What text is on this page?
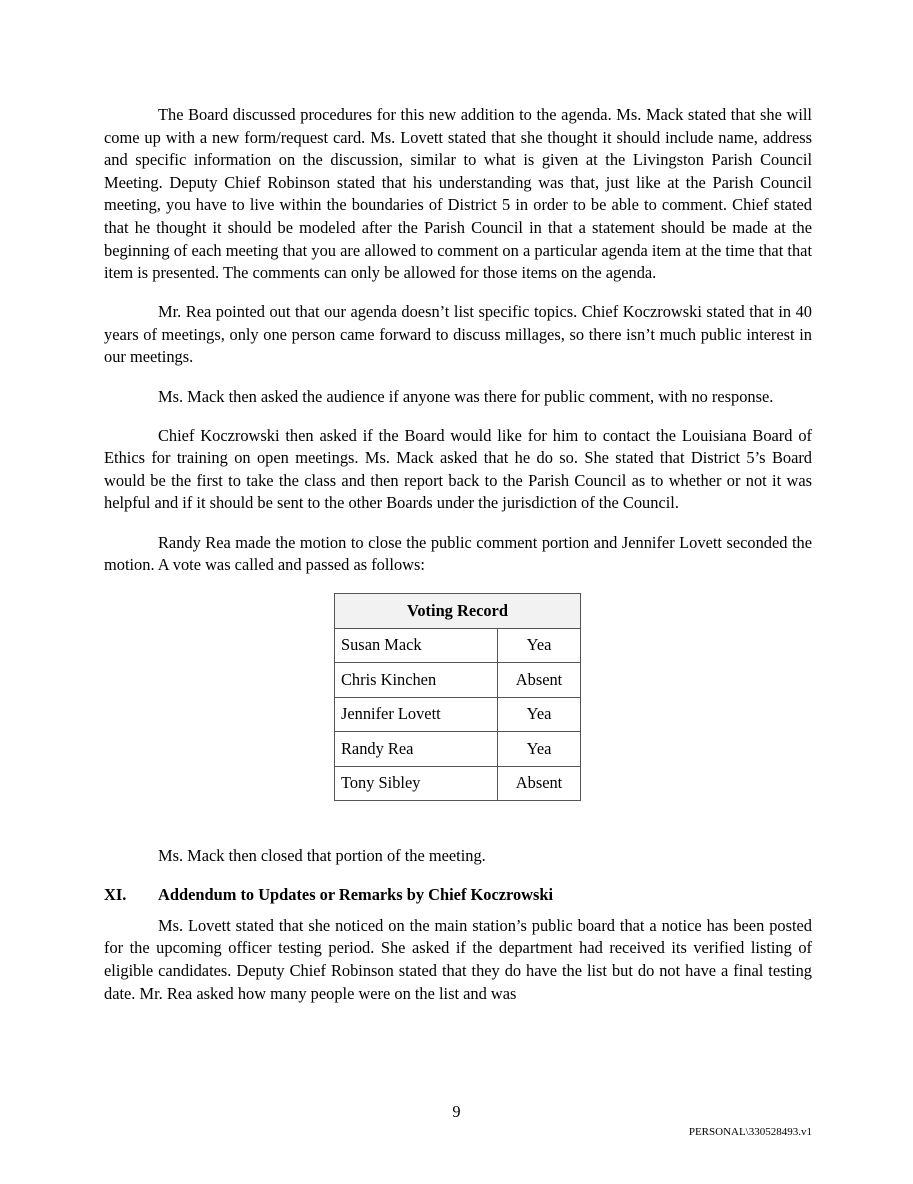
The Board discussed procedures for this new addition to the agenda. Ms. Mack stated that she will come up with a new form/request card. Ms. Lovett stated that she thought it should include name, address and specific information on the discussion, similar to what is given at the Livingston Parish Council Meeting. Deputy Chief Robinson stated that his understanding was that, just like at the Parish Council meeting, you have to live within the boundaries of District 5 in order to be able to comment. Chief stated that he thought it should be modeled after the Parish Council in that a statement should be made at the beginning of each meeting that you are allowed to comment on a particular agenda item at the time that that item is presented. The comments can only be allowed for those items on the agenda.

Mr. Rea pointed out that our agenda doesn’t list specific topics. Chief Koczrowski stated that in 40 years of meetings, only one person came forward to discuss millages, so there isn’t much public interest in our meetings.

Ms. Mack then asked the audience if anyone was there for public comment, with no response.

Chief Koczrowski then asked if the Board would like for him to contact the Louisiana Board of Ethics for training on open meetings. Ms. Mack asked that he do so. She stated that District 5’s Board would be the first to take the class and then report back to the Parish Council as to whether or not it was helpful and if it should be sent to the other Boards under the jurisdiction of the Council.

Randy Rea made the motion to close the public comment portion and Jennifer Lovett seconded the motion. A vote was called and passed as follows:

Voting Record	
Susan Mack	Yea
Chris Kinchen	Absent
Jennifer Lovett	Yea
Randy Rea	Yea
Tony Sibley	Absent

Ms. Mack then closed that portion of the meeting.

XI.	Addendum to Updates or Remarks by Chief Koczrowski

Ms. Lovett stated that she noticed on the main station’s public board that a notice has been posted for the upcoming officer testing period. She asked if the department had received its verified listing of eligible candidates. Deputy Chief Robinson stated that they do have the list but do not have a final testing date. Mr. Rea asked how many people were on the list and was

9
PERSONAL\330528493.v1
